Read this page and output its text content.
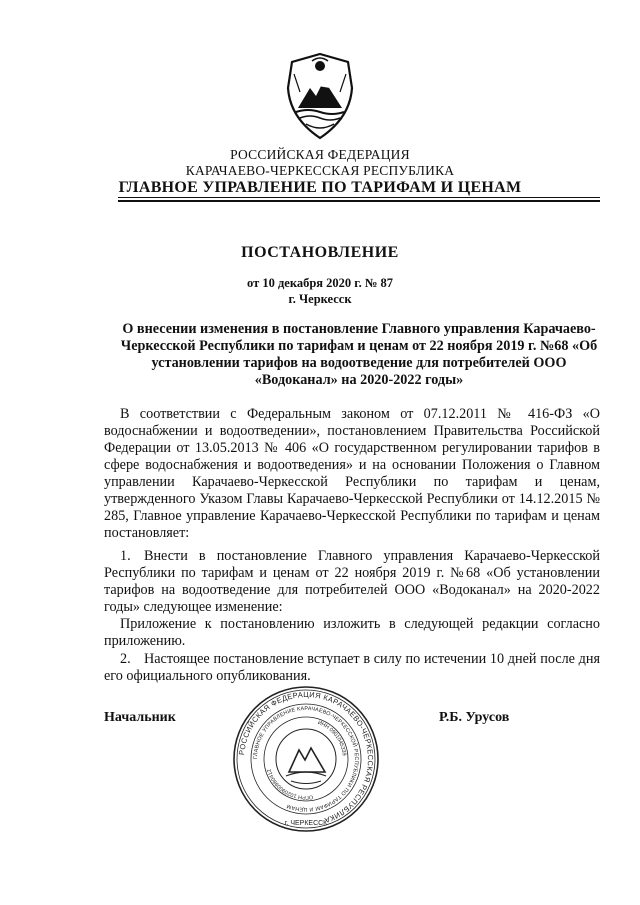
РОССИЙСКАЯ ФЕДЕРАЦИЯ
КАРАЧАЕВО-ЧЕРКЕССКАЯ РЕСПУБЛИКА
ГЛАВНОЕ УПРАВЛЕНИЕ ПО ТАРИФАМ И ЦЕНАМ
ПОСТАНОВЛЕНИЕ
от 10 декабря 2020 г. № 87
г. Черкесск
О внесении изменения в постановление Главного управления Карачаево-Черкесской Республики по тарифам и ценам от 22 ноября 2019 г. №68 «Об установлении тарифов на водоотведение для потребителей ООО «Водоканал» на 2020-2022 годы»
В соответствии с Федеральным законом от 07.12.2011 № 416-ФЗ «О водоснабжении и водоотведении», постановлением Правительства Российской Федерации от 13.05.2013 № 406 «О государственном регулировании тарифов в сфере водоснабжения и водоотведения» и на основании Положения о Главном управлении Карачаево-Черкесской Республики по тарифам и ценам, утвержденного Указом Главы Карачаево-Черкесской Республики от 14.12.2015 № 285, Главное управление Карачаево-Черкесской Республики по тарифам и ценам постановляет:
1. Внести в постановление Главного управления Карачаево-Черкесской Республики по тарифам и ценам от 22 ноября 2019 г. №68 «Об установлении тарифов на водоотведение для потребителей ООО «Водоканал» на 2020-2022 годы» следующее изменение:
Приложение к постановлению изложить в следующей редакции согласно приложению.
2. Настоящее постановление вступает в силу по истечении 10 дней после дня его официального опубликования.
Начальник	Р.Б. Урусов
РОССИЙСКАЯ ФЕДЕРАЦИЯ КАРАЧАЕВО-ЧЕРКЕССКАЯ РЕСПУБЛИКА
ГЛАВНОЕ УПРАВЛЕНИЕ КАРАЧАЕВО-ЧЕРКЕССКОЙ РЕСПУБЛИКИ ПО ТАРИФАМ И ЦЕНАМ
ИНН 0901045339
ОГРН 1020900980412
г. ЧЕРКЕССК
